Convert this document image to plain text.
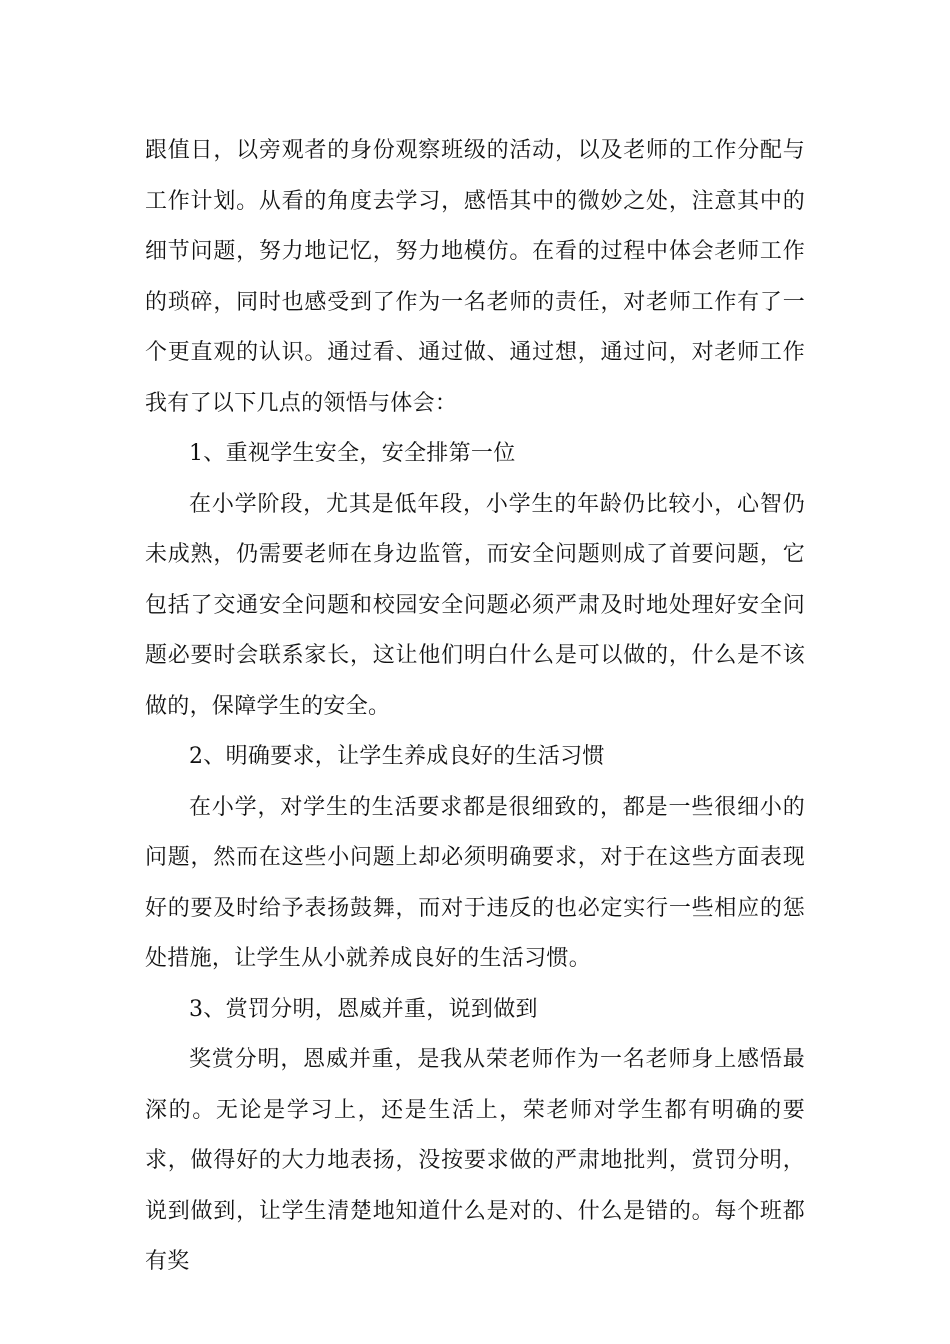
跟值日，以旁观者的身份观察班级的活动，以及老师的工作分配与工作计划。从看的角度去学习，感悟其中的微妙之处，注意其中的细节问题，努力地记忆，努力地模仿。在看的过程中体会老师工作的琐碎，同时也感受到了作为一名老师的责任，对老师工作有了一个更直观的认识。通过看、通过做、通过想，通过问，对老师工作我有了以下几点的领悟与体会：

1、重视学生安全，安全排第一位

在小学阶段，尤其是低年段，小学生的年龄仍比较小，心智仍未成熟，仍需要老师在身边监管，而安全问题则成了首要问题，它包括了交通安全问题和校园安全问题必须严肃及时地处理好安全问题必要时会联系家长，这让他们明白什么是可以做的，什么是不该做的，保障学生的安全。

2、明确要求，让学生养成良好的生活习惯

在小学，对学生的生活要求都是很细致的，都是一些很细小的问题，然而在这些小问题上却必须明确要求，对于在这些方面表现好的要及时给予表扬鼓舞，而对于违反的也必定实行一些相应的惩处措施，让学生从小就养成良好的生活习惯。

3、赏罚分明，恩威并重，说到做到

奖赏分明，恩威并重，是我从荣老师作为一名老师身上感悟最深的。无论是学习上，还是生活上，荣老师对学生都有明确的要求，做得好的大力地表扬，没按要求做的严肃地批判，赏罚分明，说到做到，让学生清楚地知道什么是对的、什么是错的。每个班都有奖
